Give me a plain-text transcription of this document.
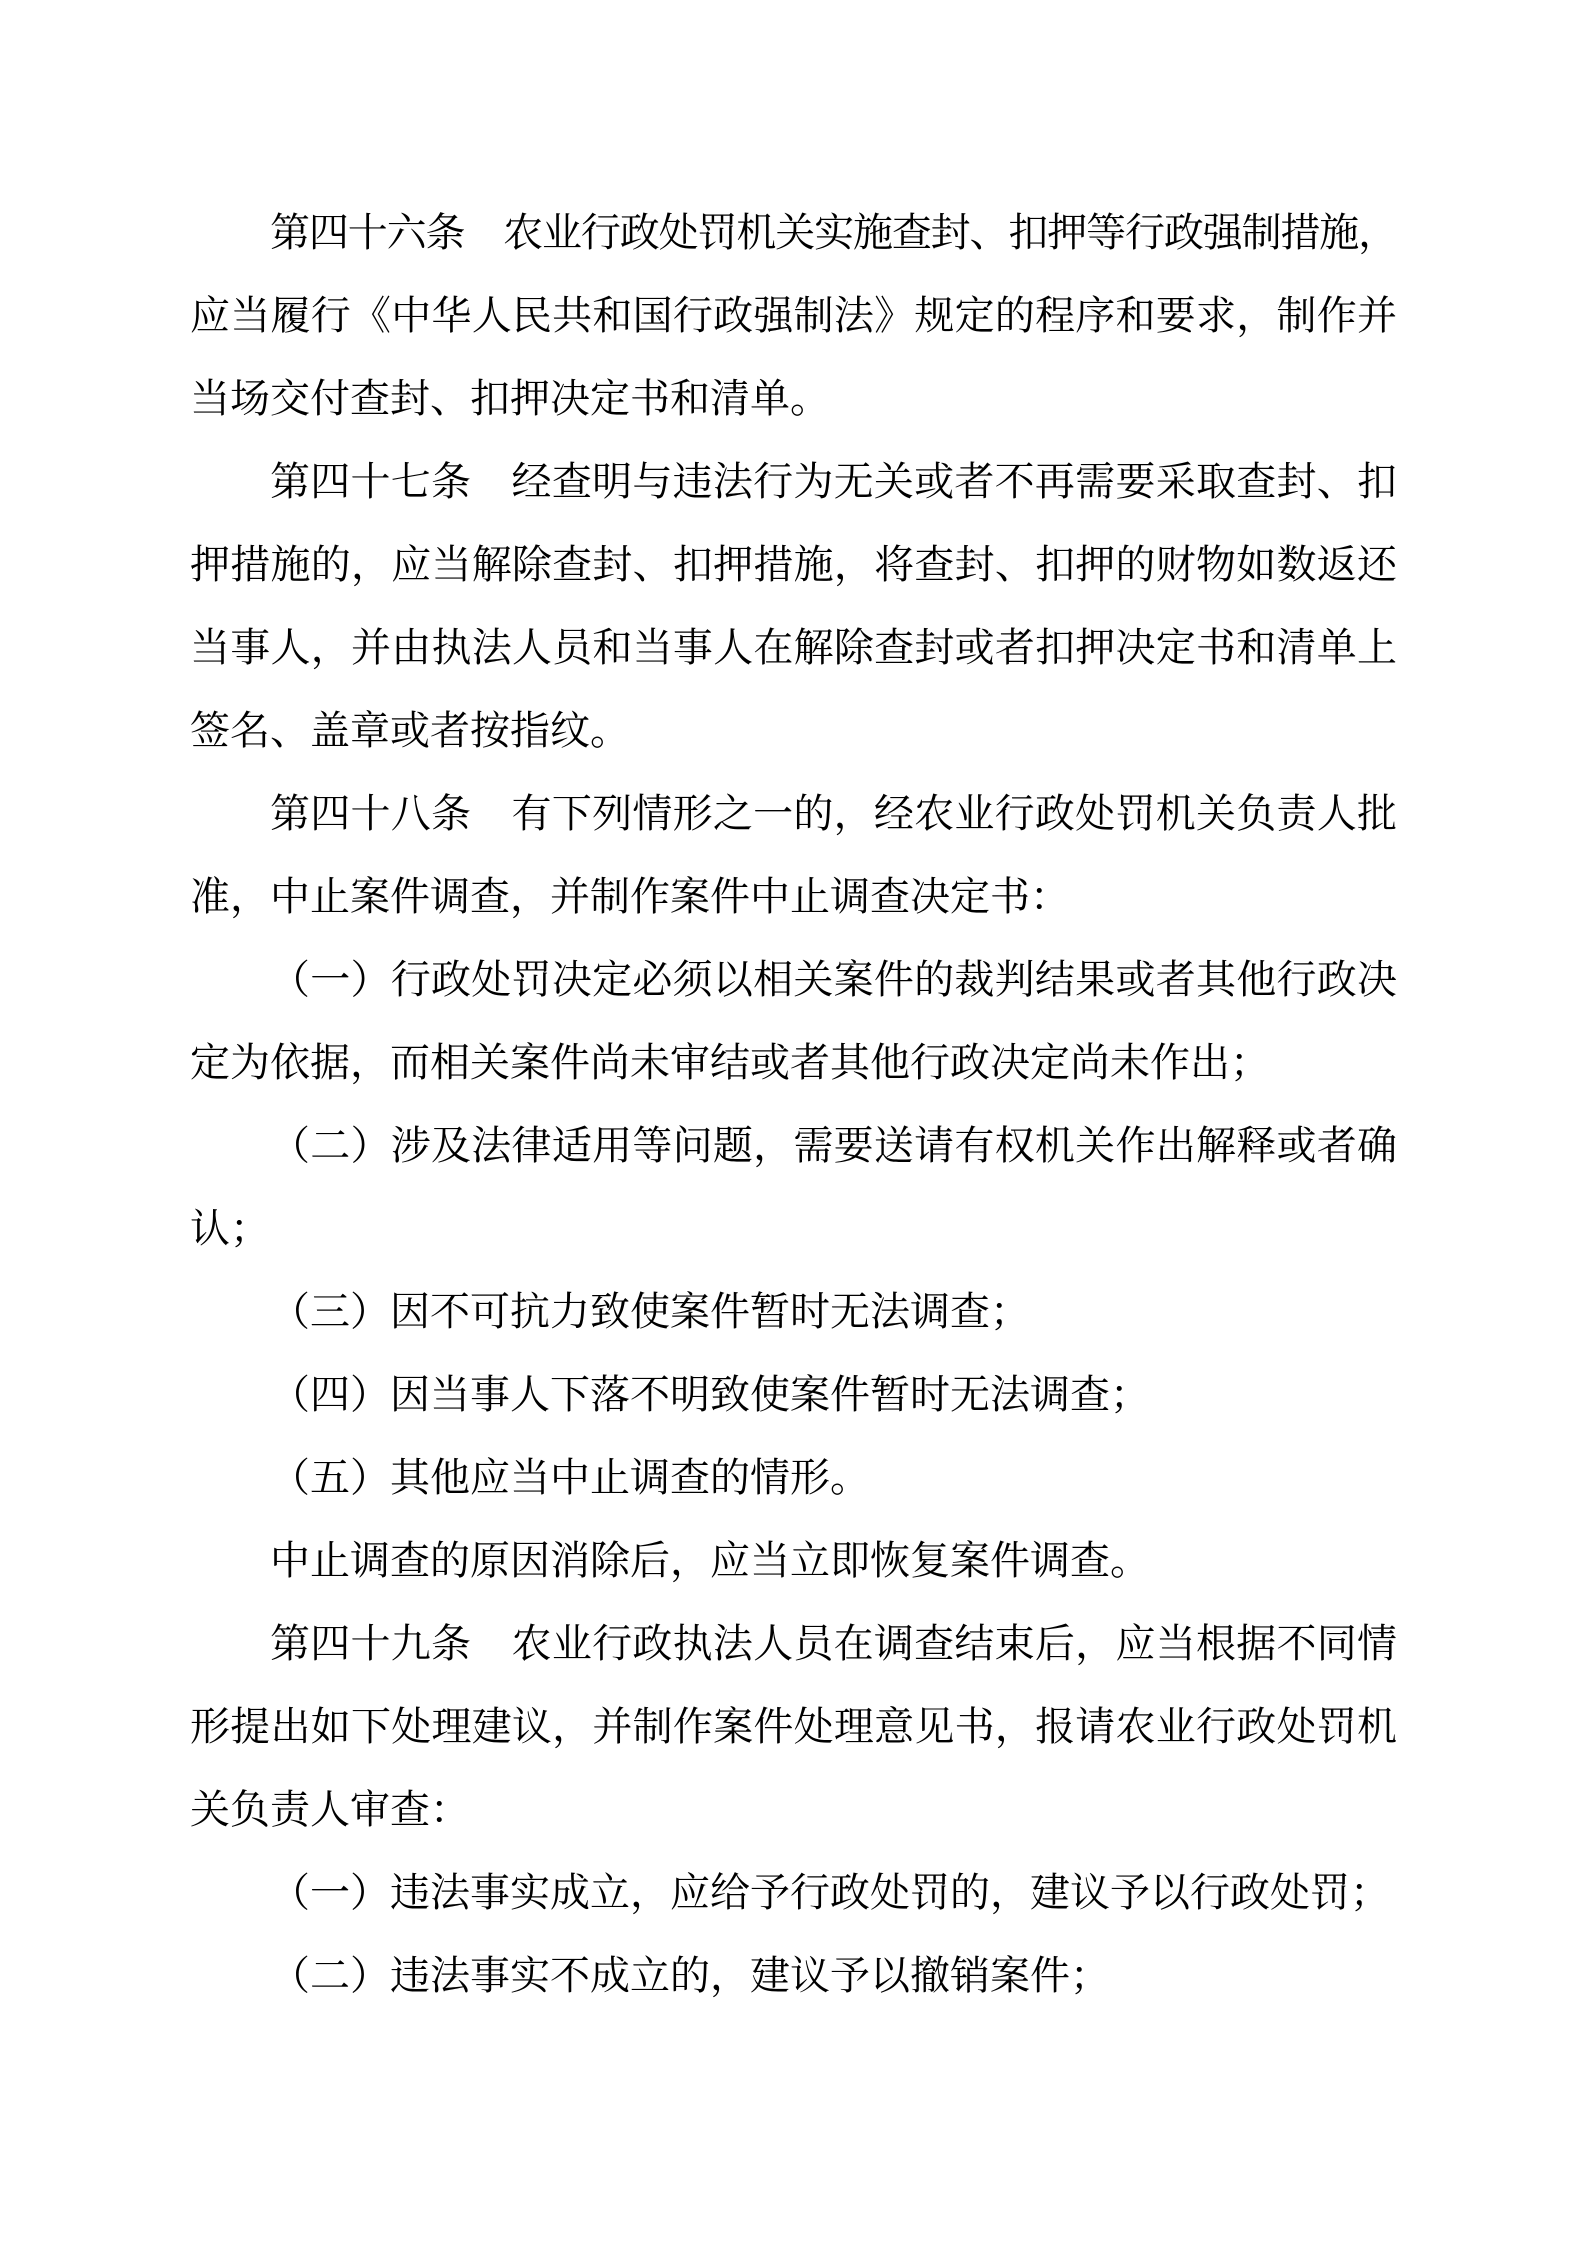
第四十六条　农业行政处罚机关实施查封、扣押等行政强制措施，
应当履行《中华人民共和国行政强制法》规定的程序和要求，制作并
当场交付查封、扣押决定书和清单。
第四十七条　经查明与违法行为无关或者不再需要采取查封、扣
押措施的，应当解除查封、扣押措施，将查封、扣押的财物如数返还
当事人，并由执法人员和当事人在解除查封或者扣押决定书和清单上
签名、盖章或者按指纹。
第四十八条　有下列情形之一的，经农业行政处罚机关负责人批
准，中止案件调查，并制作案件中止调查决定书：
（一）行政处罚决定必须以相关案件的裁判结果或者其他行政决
定为依据，而相关案件尚未审结或者其他行政决定尚未作出；
（二）涉及法律适用等问题，需要送请有权机关作出解释或者确
认；
（三）因不可抗力致使案件暂时无法调查；
（四）因当事人下落不明致使案件暂时无法调查；
（五）其他应当中止调查的情形。
中止调查的原因消除后，应当立即恢复案件调查。
第四十九条　农业行政执法人员在调查结束后，应当根据不同情
形提出如下处理建议，并制作案件处理意见书，报请农业行政处罚机
关负责人审查：
（一）违法事实成立，应给予行政处罚的，建议予以行政处罚；
（二）违法事实不成立的，建议予以撤销案件；
